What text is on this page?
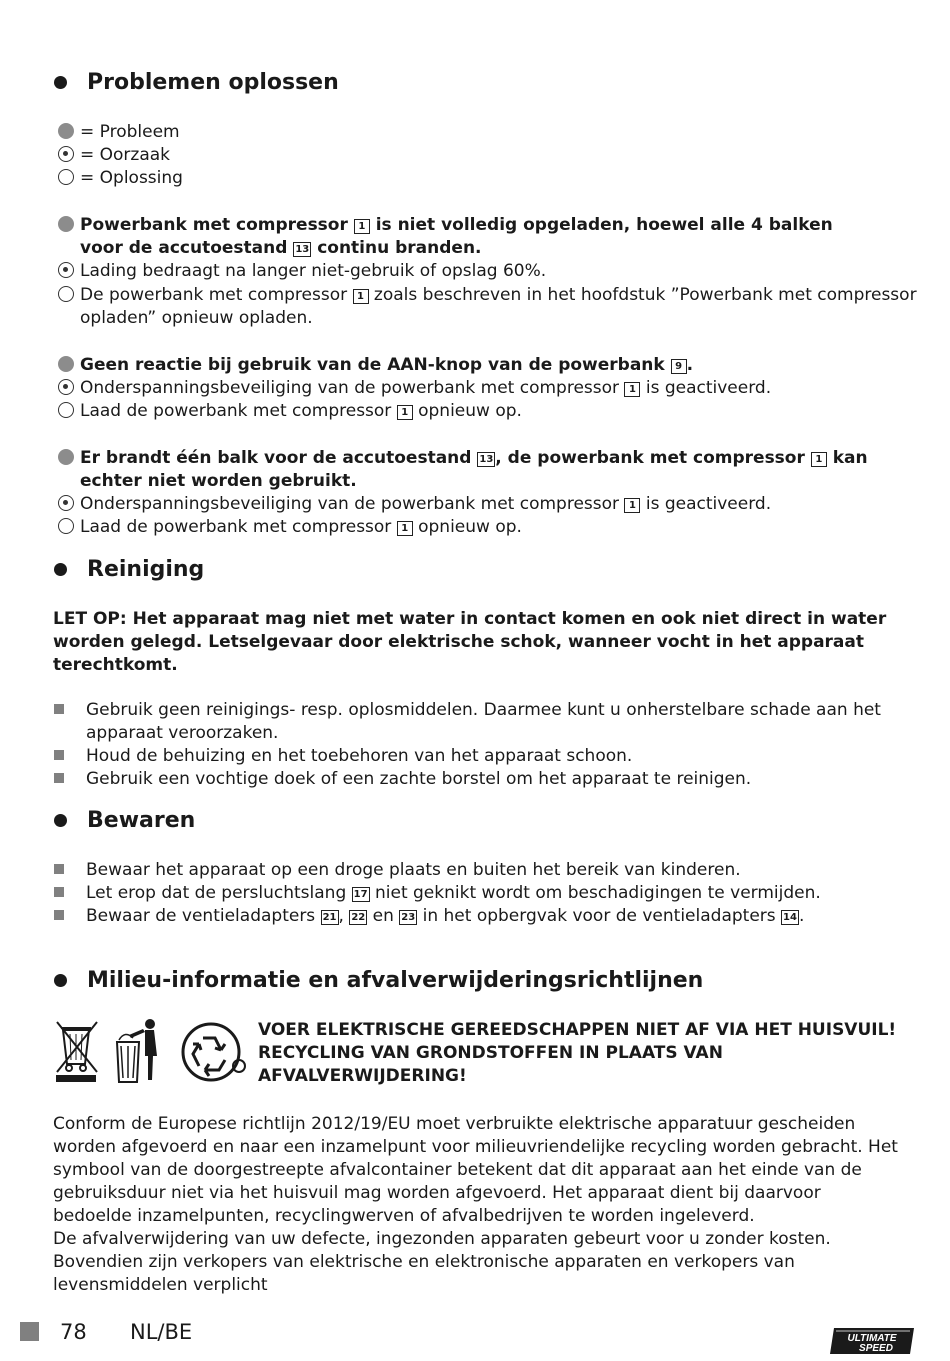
Problemen oplossen
= Probleem
= Oorzaak
= Oplossing
Powerbank met compressor 1 is niet volledig opgeladen, hoewel alle 4 balken
voor de accutoestand 13 continu branden.
Lading bedraagt na langer niet-gebruik of opslag 60%.
De powerbank met compressor 1 zoals beschreven in het hoofdstuk ”Powerbank met compressor
opladen” opnieuw opladen.
Geen reactie bij gebruik van de AAN-knop van de powerbank 9 .
Onderspanningsbeveiliging van de powerbank met compressor 1 is geactiveerd.
Laad de powerbank met compressor 1 opnieuw op.
Er brandt één balk voor de accutoestand 13 , de powerbank met compressor 1 kan
echter niet worden gebruikt.
Onderspanningsbeveiliging van de powerbank met compressor 1 is geactiveerd.
Laad de powerbank met compressor 1 opnieuw op.
Reiniging
LET OP: Het apparaat mag niet met water in contact komen en ook niet direct in water worden gelegd. Letselgevaar door elektrische schok, wanneer vocht in het apparaat terechtkomt.
Gebruik geen reinigings- resp. oplosmiddelen. Daarmee kunt u onherstelbare schade aan het
apparaat veroorzaken.
Houd de behuizing en het toebehoren van het apparaat schoon.
Gebruik een vochtige doek of een zachte borstel om het apparaat te reinigen.
Bewaren
Bewaar het apparaat op een droge plaats en buiten het bereik van kinderen.
Let erop dat de persluchtslang 17 niet geknikt wordt om beschadigingen te vermijden.
Bewaar de ventieladapters 21 , 22 en 23 in het opbergvak voor de ventieladapters 14 .
Milieu-informatie en afvalverwijderingsrichtlijnen
VOER ELEKTRISCHE GEREEDSCHAPPEN NIET AF VIA HET HUISVUIL!
RECYCLING VAN GRONDSTOFFEN IN PLAATS VAN
AFVALVERWIJDERING!
Conform de Europese richtlijn 2012/19/EU moet verbruikte elektrische apparatuur gescheiden worden afgevoerd en naar een inzamelpunt voor milieuvriendelijke recycling worden gebracht. Het symbool van de doorgestreepte afvalcontainer betekent dat dit apparaat aan het einde van de gebruiksduur niet via het huisvuil mag worden afgevoerd. Het apparaat dient bij daarvoor bedoelde inzamelpunten, recyclingwerven of afvalbedrijven te worden ingeleverd.
De afvalverwijdering van uw defecte, ingezonden apparaten gebeurt voor u zonder kosten. Bovendien zijn verkopers van elektrische en elektronische apparaten en verkopers van levensmiddelen verplicht
78 NL/BE	ULTIMATE
SPEED
